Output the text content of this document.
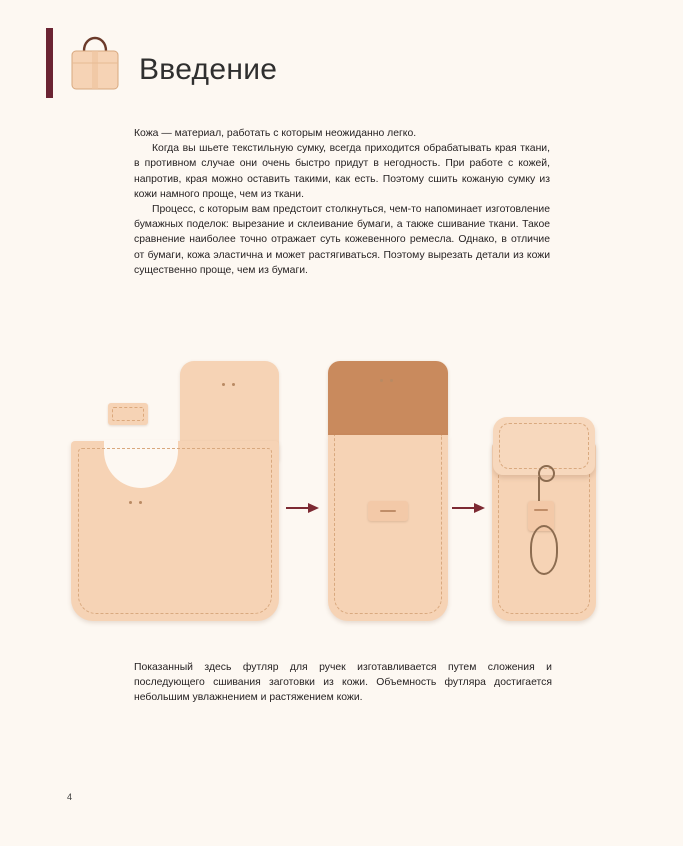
Введение

Кожа — материал, работать с которым неожиданно легко.

Когда вы шьете текстильную сумку, всегда приходится обрабатывать края ткани, в противном случае они очень быстро придут в негодность. При работе с кожей, напротив, края можно оставить такими, как есть. Поэтому сшить кожаную сумку из кожи намного проще, чем из ткани.

Процесс, с которым вам предстоит столкнуться, чем-то напоминает изготовление бумажных поделок: вырезание и склеивание бумаги, а также сшивание ткани. Такое сравнение наиболее точно отражает суть кожевенного ремесла. Однако, в отличие от бумаги, кожа эластична и может растягиваться. Поэтому вырезать детали из кожи существенно проще, чем из бумаги.

Показанный здесь футляр для ручек изготавливается путем сложения и последующего сшивания заготовки из кожи. Объемность футляра достигается небольшим увлажнением и растяжением кожи.

4
